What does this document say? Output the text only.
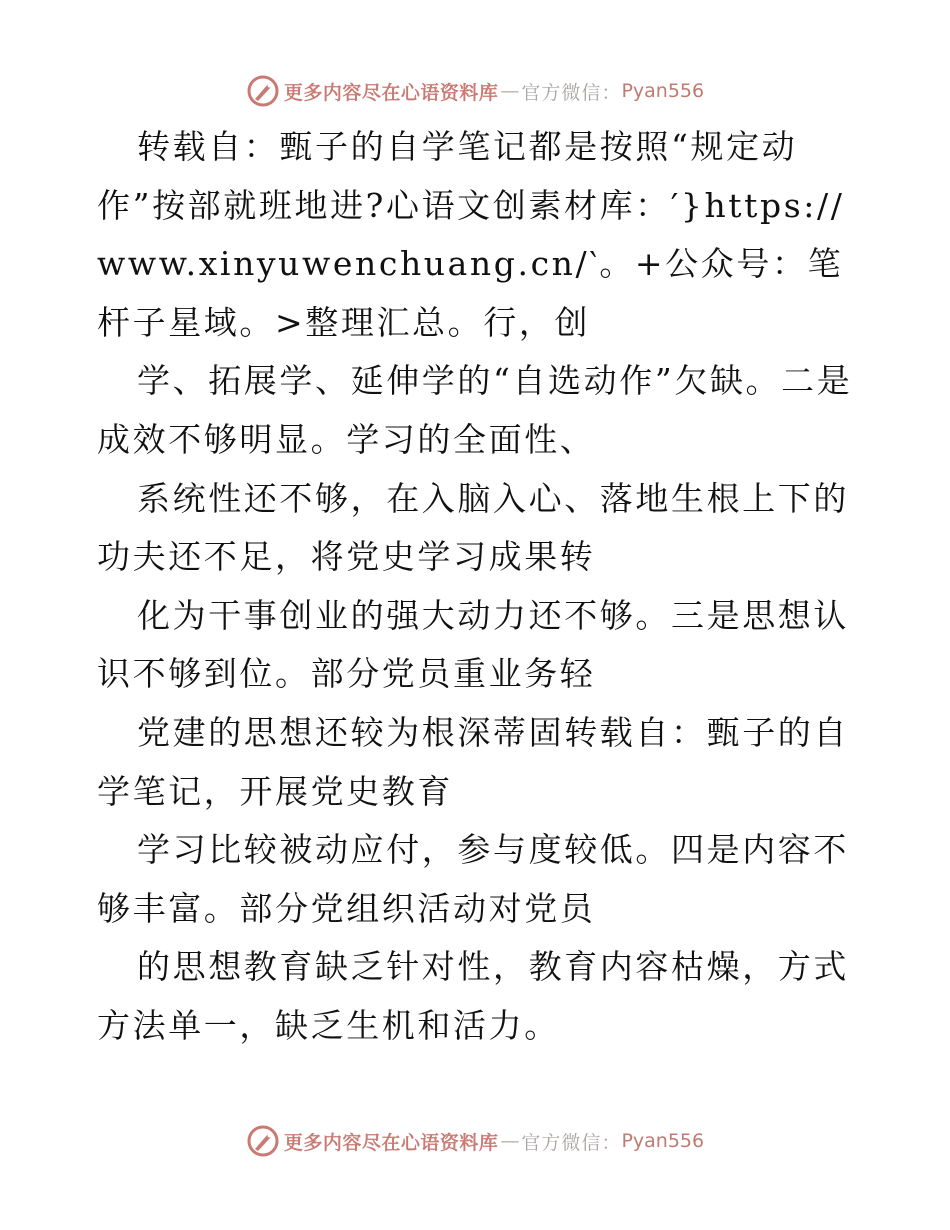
更多内容尽在心语资料库 — 官方微信： Pyan556

转载自：甄子的自学笔记都是按照“规定动作”按部就班地进?心语文创素材库：′}https://www.xinyuwenchuang.cn/‵。+公众号：笔杆子星域。>整理汇总。行，创

学、拓展学、延伸学的“自选动作”欠缺。二是成效不够明显。学习的全面性、

系统性还不够，在入脑入心、落地生根上下的功夫还不足，将党史学习成果转

化为干事创业的强大动力还不够。三是思想认识不够到位。部分党员重业务轻

党建的思想还较为根深蒂固转载自：甄子的自学笔记，开展党史教育

学习比较被动应付，参与度较低。四是内容不够丰富。部分党组织活动对党员

的思想教育缺乏针对性，教育内容枯燥，方式方法单一，缺乏生机和活力。

更多内容尽在心语资料库 — 官方微信： Pyan556
